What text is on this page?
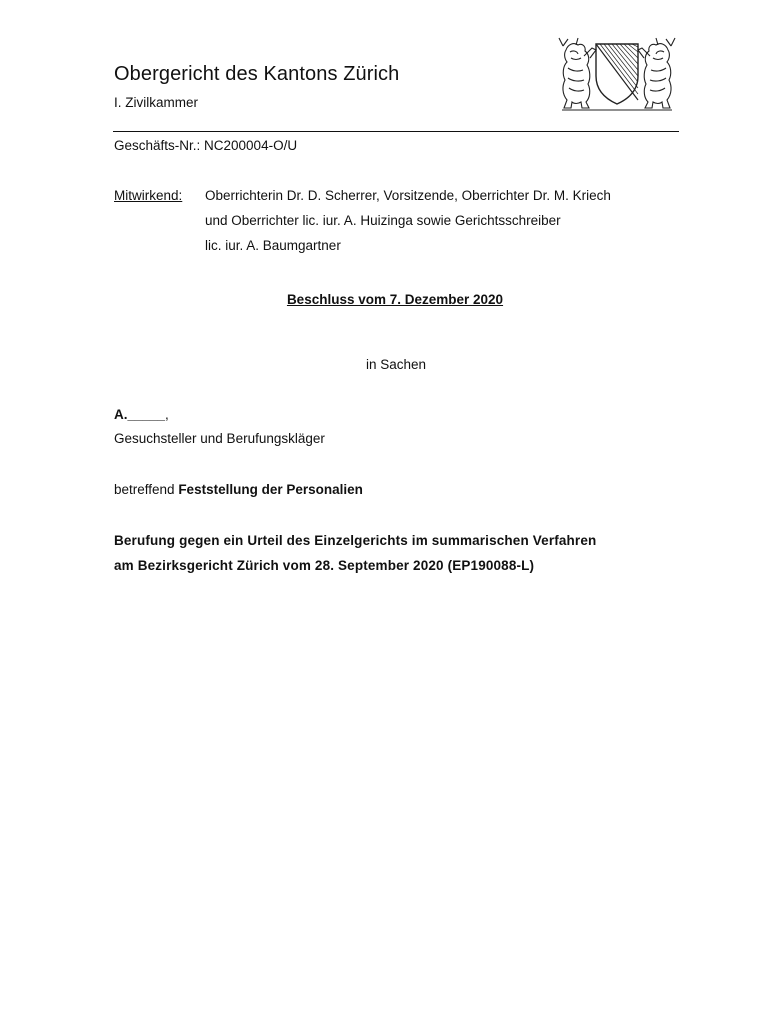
Obergericht des Kantons Zürich
I. Zivilkammer
Geschäfts-Nr.: NC200004-O/U
Mitwirkend: Oberrichterin Dr. D. Scherrer, Vorsitzende, Oberrichter Dr. M. Kriech
und Oberrichter lic. iur. A. Huizinga sowie Gerichtsschreiber
lic. iur. A. Baumgartner
Beschluss vom 7. Dezember 2020
in Sachen
A._____,
Gesuchsteller und Berufungskläger
betreffend Feststellung der Personalien
Berufung gegen ein Urteil des Einzelgerichts im summarischen Verfahren
am Bezirksgericht Zürich vom 28. September 2020 (EP190088-L)
